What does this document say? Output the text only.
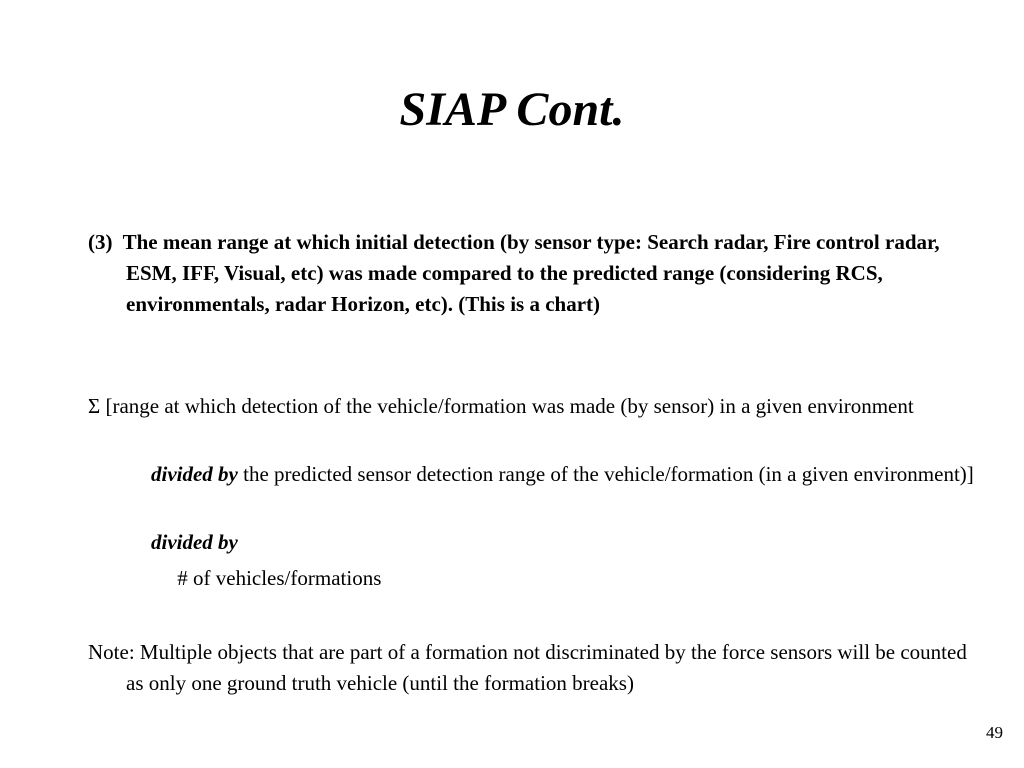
SIAP Cont.

(3) The mean range at which initial detection (by sensor type: Search radar, Fire control radar, ESM, IFF, Visual, etc) was made compared to the predicted range (considering RCS, environmentals, radar Horizon, etc). (This is a chart)

Σ [range at which detection of the vehicle/formation was made (by sensor) in a given environment

divided by the predicted sensor detection range of the vehicle/formation (in a given environment)]

divided by

# of vehicles/formations

Note: Multiple objects that are part of a formation not discriminated by the force sensors will be counted as only one ground truth vehicle (until the formation breaks)

49
